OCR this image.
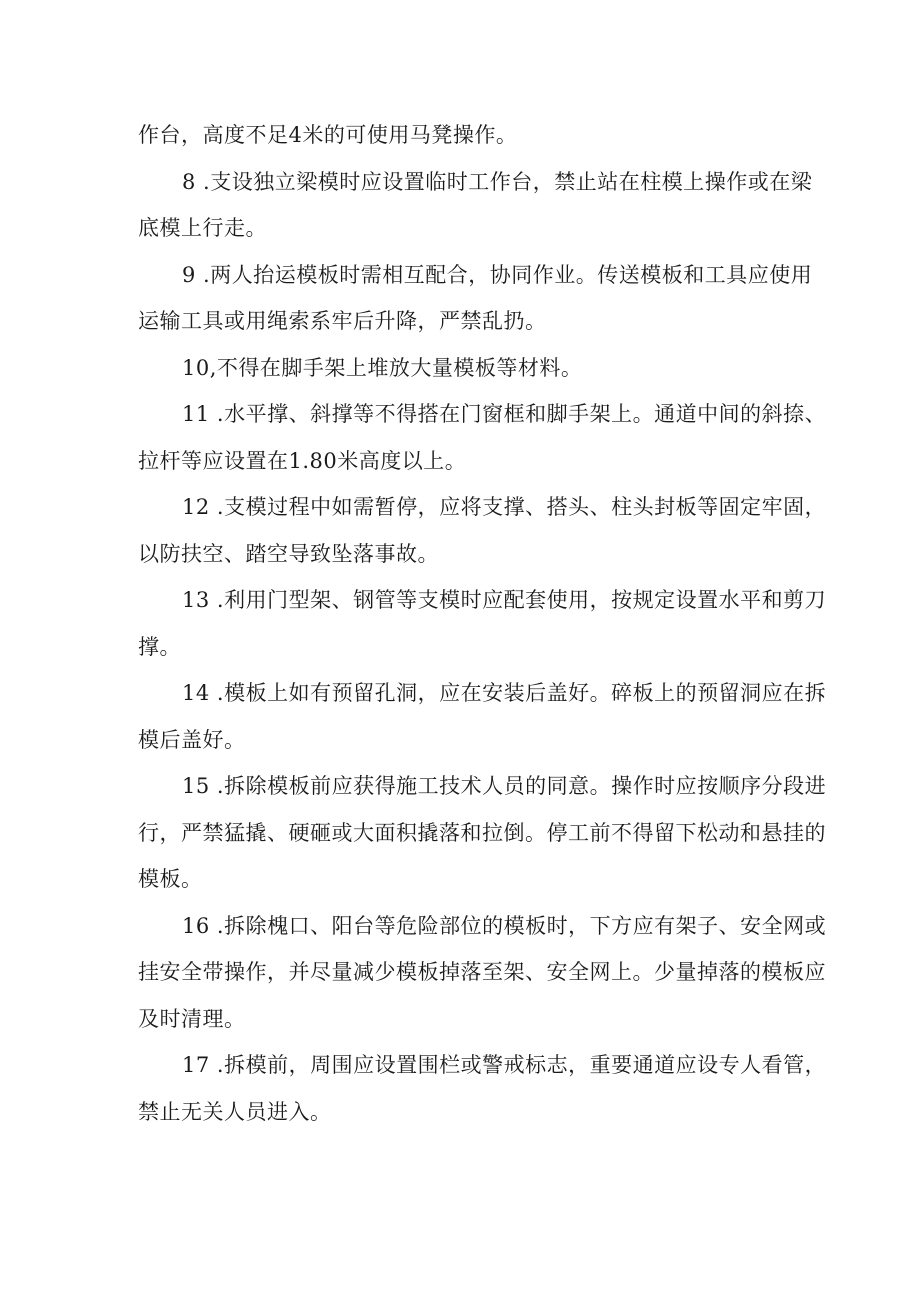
作台，高度不足4米的可使用马凳操作。

8 .支设独立梁模时应设置临时工作台，禁止站在柱模上操作或在梁
底模上行走。

9 .两人抬运模板时需相互配合，协同作业。传送模板和工具应使用
运输工具或用绳索系牢后升降，严禁乱扔。

10,不得在脚手架上堆放大量模板等材料。

11 .水平撑、斜撑等不得搭在门窗框和脚手架上。通道中间的斜捺、
拉杆等应设置在1.80米高度以上。

12 .支模过程中如需暂停，应将支撑、搭头、柱头封板等固定牢固，
以防扶空、踏空导致坠落事故。

13 .利用门型架、钢管等支模时应配套使用，按规定设置水平和剪刀
撑。

14 .模板上如有预留孔洞，应在安装后盖好。碎板上的预留洞应在拆
模后盖好。

15 .拆除模板前应获得施工技术人员的同意。操作时应按顺序分段进
行，严禁猛撬、硬砸或大面积撬落和拉倒。停工前不得留下松动和悬挂的
模板。

16 .拆除槐口、阳台等危险部位的模板时，下方应有架子、安全网或
挂安全带操作，并尽量减少模板掉落至架、安全网上。少量掉落的模板应
及时清理。

17 .拆模前，周围应设置围栏或警戒标志，重要通道应设专人看管，
禁止无关人员进入。
